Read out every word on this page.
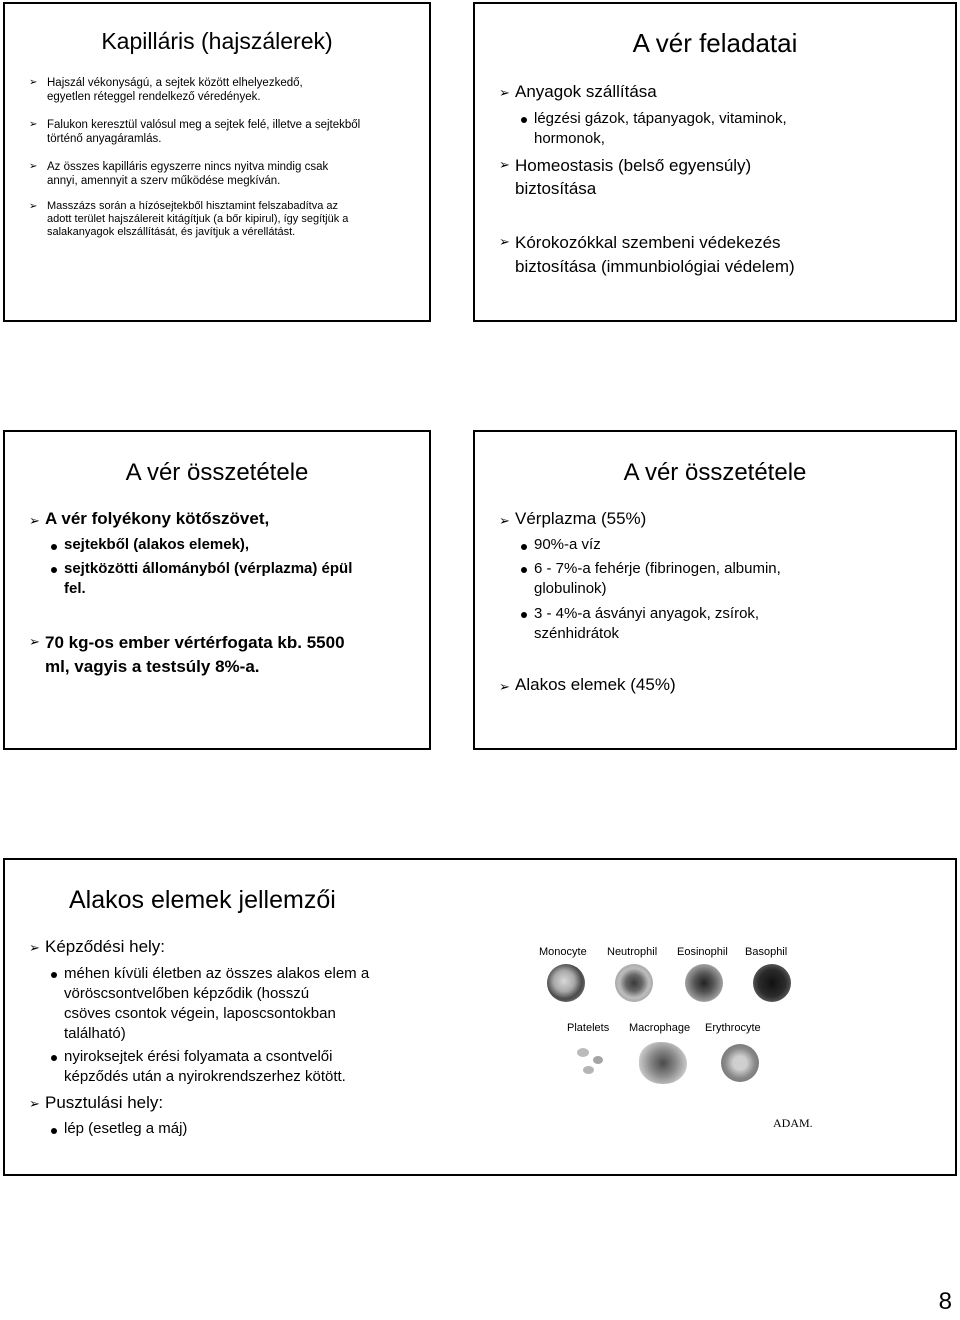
Kapilláris (hajszálerek)
➢ Hajszál vékonyságú, a sejtek között elhelyezkedő,
egyetlen réteggel rendelkező véredények.
➢ Falukon keresztül valósul meg a sejtek felé, illetve a sejtekből
történő anyagáramlás.
➢ Az összes kapilláris egyszerre nincs nyitva mindig csak
annyi, amennyit a szerv működése megkíván.
➢ Masszázs során a hízósejtekből hisztamint felszabadítva az
adott terület hajszálereit kitágítjuk (a bőr kipirul), így segítjük a
salakanyagok elszállítását, és javítjuk a vérellátást.
A vér feladatai
➢ Anyagok szállítása
légzési gázok, tápanyagok, vitaminok,
hormonok,
➢ Homeostasis (belső egyensúly)
biztosítása
➢ Kórokozókkal szembeni védekezés
biztosítása (immunbiológiai védelem)
A vér összetétele
➢ A vér folyékony kötőszövet,
sejtekből (alakos elemek),
sejtközötti állományból (vérplazma) épül
fel.
➢ 70 kg-os ember vértérfogata kb. 5500
ml, vagyis a testsúly 8%-a.
A vér összetétele
➢ Vérplazma (55%)
90%-a víz
6 - 7%-a fehérje (fibrinogen, albumin,
globulinok)
3 - 4%-a ásványi anyagok, zsírok,
szénhidrátok
➢ Alakos elemek (45%)
Alakos elemek jellemzői
➢ Képződési hely:
méhen kívüli életben az összes alakos elem a
vöröscsontvelőben képződik (hosszú
csöves csontok végein, laposcsontokban
található)
nyiroksejtek érési folyamata a csontvelői
képződés után a nyirokrendszerhez kötött.
➢ Pusztulási hely:
lép (esetleg a máj)
Monocyte Neutrophil Eosinophil Basophil
Platelets Macrophage Erythrocyte
ADAM.
8
